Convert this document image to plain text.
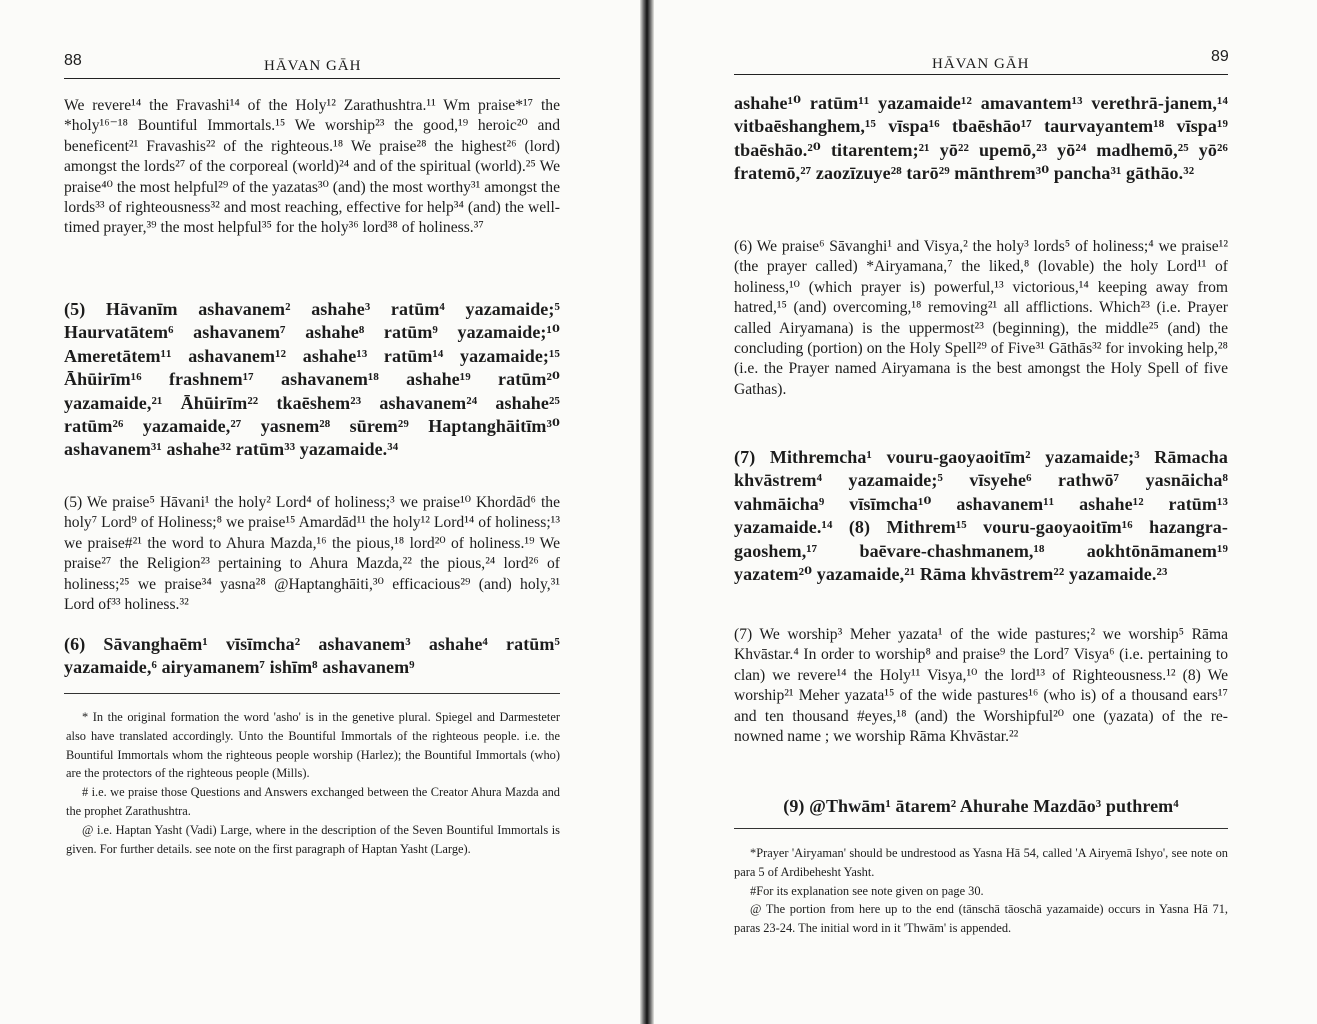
88	HĀVAN GĀH

We revere¹⁴ the Fravashi¹⁴ of the Holy¹² Zarathushtra.¹¹ Wm praise*¹⁷ the *holy¹⁶⁻¹⁸ Bountiful Immortals.¹⁵ We worship²³ the good,¹⁹ heroic²⁰ and beneficent²¹ Fravashis²² of the righteous.¹⁸ We praise²⁸ the highest²⁶ (lord) amongst the lords²⁷ of the corporeal (world)²⁴ and of the spiritual (world).²⁵ We praise⁴⁰ the most helpful²⁹ of the yazatas³⁰ (and) the most worthy³¹ amongst the lords³³ of righteousness³² and most reaching, effective for help³⁴ (and) the well-timed prayer,³⁹ the most helpful³⁵ for the holy³⁶ lord³⁸ of holiness.³⁷

(5) Hāvanīm ashavanem² ashahe³ ratūm⁴ yazamaide;⁵ Haurvatātem⁶ ashavanem⁷ ashahe⁸ ratūm⁹ yazamaide;¹⁰ Ameretātem¹¹ ashavanem¹² ashahe¹³ ratūm¹⁴ yazamaide;¹⁵ Āhūirīm¹⁶ frashnem¹⁷ ashavanem¹⁸ ashahe¹⁹ ratūm²⁰ yazamaide,²¹ Āhūirīm²² tkaēshem²³ ashavanem²⁴ ashahe²⁵ ratūm²⁶ yazamaide,²⁷ yasnem²⁸ sūrem²⁹ Haptanghāitīm³⁰ ashavanem³¹ ashahe³² ratūm³³ yazamaide.³⁴

(5) We praise⁵ Hāvani¹ the holy² Lord⁴ of holiness;³ we praise¹⁰ Khordād⁶ the holy⁷ Lord⁹ of Holiness;⁸ we praise¹⁵ Amardād¹¹ the holy¹² Lord¹⁴ of holiness;¹³ we praise#²¹ the word to Ahura Mazda,¹⁶ the pious,¹⁸ lord²⁰ of holiness.¹⁹ We praise²⁷ the Religion²³ pertaining to Ahura Mazda,²² the pious,²⁴ lord²⁶ of holiness;²⁵ we praise³⁴ yasna²⁸ @Haptanghāiti,³⁰ efficacious²⁹ (and) holy,³¹ Lord of³³ holiness.³²

(6) Sāvanghaēm¹ vīsīmcha² ashavanem³ ashahe⁴ ratūm⁵ yazamaide,⁶ airyamanem⁷ ishīm⁸ ashavanem⁹

* In the original formation the word 'asho' is in the genetive plural. Spiegel and Darmesteter also have translated accordingly. Unto the Bountiful Immortals of the righteous people. i.e. the Bountiful Immortals whom the righteous people worship (Harlez); the Bountiful Immortals (who) are the protectors of the righteous people (Mills).

# i.e. we praise those Questions and Answers exchanged between the Creator Ahura Mazda and the prophet Zarathushtra.

@ i.e. Haptan Yasht (Vadi) Large, where in the description of the Seven Bountiful Immortals is given. For further details. see note on the first paragraph of Haptan Yasht (Large).

HĀVAN GĀH	89

ashahe¹⁰ ratūm¹¹ yazamaide¹² amavantem¹³ verethrā-janem,¹⁴ vitbaēshanghem,¹⁵ vīspa¹⁶ tbaēshāo¹⁷ taurvayantem¹⁸ vīspa¹⁹ tbaēshāo.²⁰ titarentem;²¹ yō²² upemō,²³ yō²⁴ madhemō,²⁵ yō²⁶ fratemō,²⁷ zaozīzuye²⁸ tarō²⁹ mānthrem³⁰ pancha³¹ gāthāo.³²

(6) We praise⁶ Sāvanghi¹ and Visya,² the holy³ lords⁵ of holiness;⁴ we praise¹² (the prayer called) *Airyamana,⁷ the liked,⁸ (lovable) the holy Lord¹¹ of holiness,¹⁰ (which prayer is) powerful,¹³ victorious,¹⁴ keeping away from hatred,¹⁵ (and) overcoming,¹⁸ removing²¹ all afflictions. Which²³ (i.e. Prayer called Airyamana) is the uppermost²³ (beginning), the middle²⁵ (and) the concluding (portion) on the Holy Spell²⁹ of Five³¹ Gāthās³² for invoking help,²⁸ (i.e. the Prayer named Airyamana is the best amongst the Holy Spell of five Gathas).

(7) Mithremcha¹ vouru-gaoyaoitīm² yazamaide;³ Rāmacha khvāstrem⁴ yazamaide;⁵ vīsyehe⁶ rathwō⁷ yasnāicha⁸ vahmāicha⁹ vīsīmcha¹⁰ ashavanem¹¹ ashahe¹² ratūm¹³ yazamaide.¹⁴ (8) Mithrem¹⁵ vouru-gaoyaoitīm¹⁶ hazangra-gaoshem,¹⁷ baēvare-chashmanem,¹⁸ aokhtōnāmanem¹⁹ yazatem²⁰ yazamaide,²¹ Rāma khvāstrem²² yazamaide.²³

(7) We worship³ Meher yazata¹ of the wide pastures;² we worship⁵ Rāma Khvāstar.⁴ In order to worship⁸ and praise⁹ the Lord⁷ Visya⁶ (i.e. pertaining to clan) we revere¹⁴ the Holy¹¹ Visya,¹⁰ the lord¹³ of Righteousness.¹² (8) We worship²¹ Meher yazata¹⁵ of the wide pastures¹⁶ (who is) of a thousand ears¹⁷ and ten thousand #eyes,¹⁸ (and) the Worshipful²⁰ one (yazata) of the re-nowned name ; we worship Rāma Khvāstar.²²

(9) @Thwām¹ ātarem² Ahurahe Mazdāo³ puthrem⁴

*Prayer 'Airyaman' should be undrestood as Yasna Hā 54, called 'A Airyemā Ishyo', see note on para 5 of Ardibehesht Yasht.

#For its explanation see note given on page 30.

@ The portion from here up to the end (tānschā tāoschā yazamaide) occurs in Yasna Hā 71, paras 23-24. The initial word in it 'Thwām' is appended.
